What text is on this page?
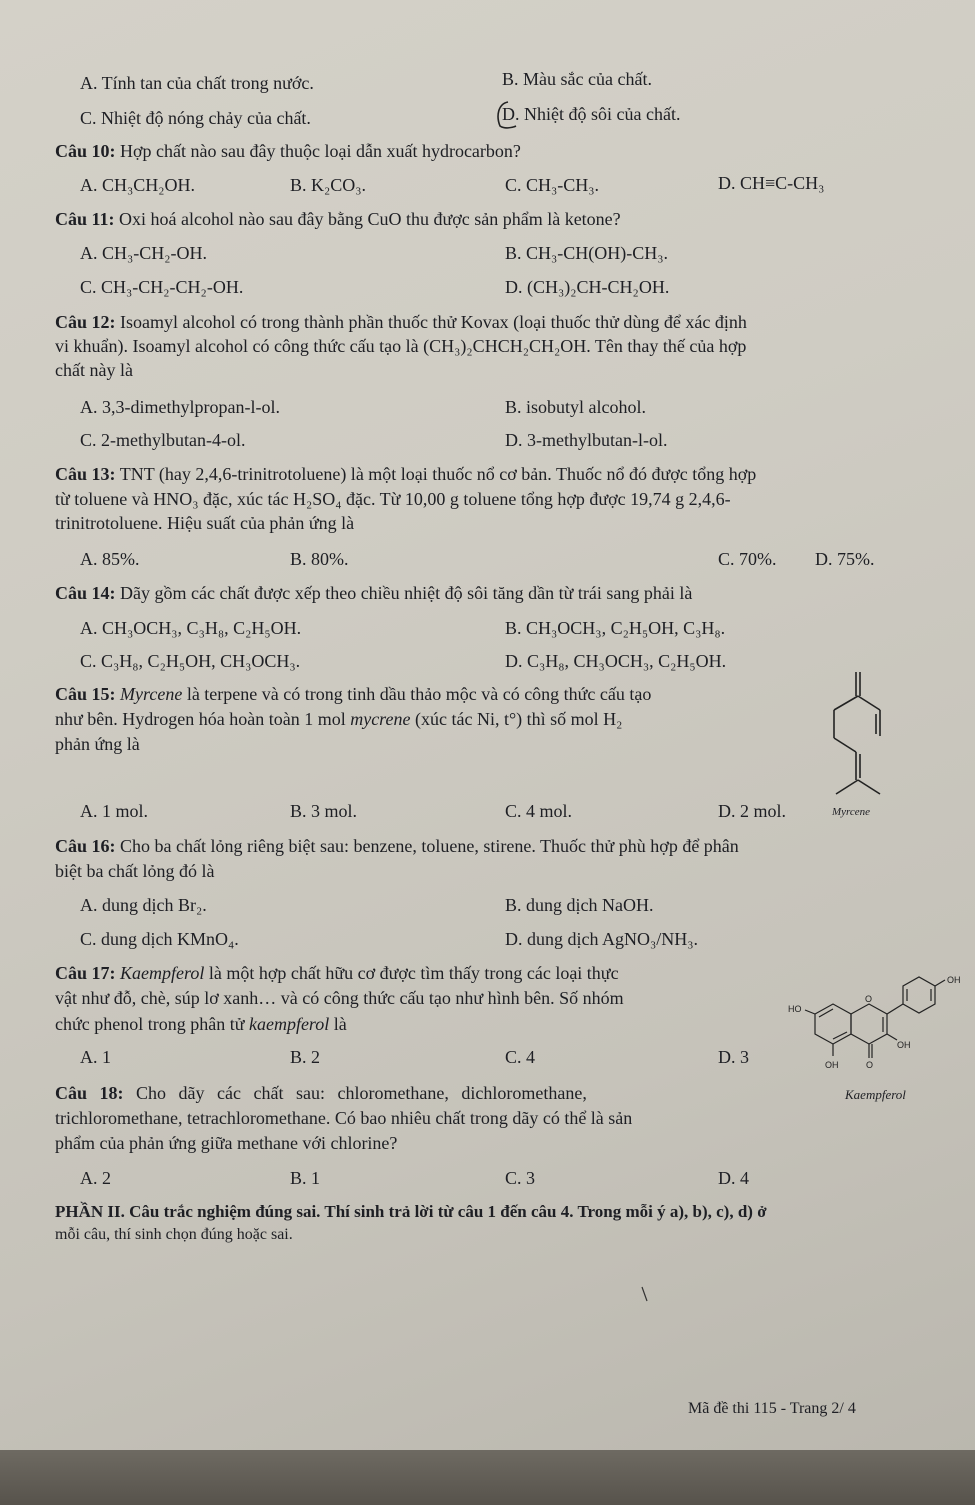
A. Tính tan của chất trong nước.	B. Màu sắc của chất.
C. Nhiệt độ nóng chảy của chất.	D. Nhiệt độ sôi của chất.
Câu 10: Hợp chất nào sau đây thuộc loại dẫn xuất hydrocarbon?
A. CH₃CH₂OH.	B. K₂CO₃.	C. CH₃-CH₃.	D. CH≡C-CH₃
Câu 11: Oxi hoá alcohol nào sau đây bằng CuO thu được sản phẩm là ketone?
A. CH₃-CH₂-OH.	B. CH₃-CH(OH)-CH₃.
C. CH₃-CH₂-CH₂-OH.	D. (CH₃)₂CH-CH₂OH.
Câu 12: Isoamyl alcohol có trong thành phần thuốc thử Kovax (loại thuốc thử dùng để xác định
vi khuẩn). Isoamyl alcohol có công thức cấu tạo là (CH₃)₂CHCH₂CH₂OH. Tên thay thế của hợp
chất này là
A. 3,3-dimethylpropan-l-ol.	B. isobutyl alcohol.
C. 2-methylbutan-4-ol.	D. 3-methylbutan-l-ol.
Câu 13: TNT (hay 2,4,6-trinitrotoluene) là một loại thuốc nổ cơ bản. Thuốc nổ đó được tổng hợp
từ toluene và HNO₃ đặc, xúc tác H₂SO₄ đặc. Từ 10,00 g toluene tổng hợp được 19,74 g 2,4,6-
trinitrotoluene. Hiệu suất của phản ứng là
A. 85%.	B. 80%.	C. 70%. D. 75%.
Câu 14: Dãy gồm các chất được xếp theo chiều nhiệt độ sôi tăng dần từ trái sang phải là
A. CH₃OCH₃, C₃H₈, C₂H₅OH.	B. CH₃OCH₃, C₂H₅OH, C₃H₈.
C. C₃H₈, C₂H₅OH, CH₃OCH₃.	D. C₃H₈, CH₃OCH₃, C₂H₅OH.
Câu 15: Myrcene là terpene và có trong tinh dầu thảo mộc và có công thức cấu tạo
như bên. Hydrogen hóa hoàn toàn 1 mol mycrene (xúc tác Ni, t°) thì số mol H₂
phản ứng là
A. 1 mol.	B. 3 mol.	C. 4 mol.	D. 2 mol.	Myrcene
Câu 16: Cho ba chất lỏng riêng biệt sau: benzene, toluene, stirene. Thuốc thử phù hợp để phân
biệt ba chất lỏng đó là
A. dung dịch Br₂.	B. dung dịch NaOH.
C. dung dịch KMnO₄.	D. dung dịch AgNO₃/NH₃.
Câu 17: Kaempferol là một hợp chất hữu cơ được tìm thấy trong các loại thực
vật như đỗ, chè, súp lơ xanh… và có công thức cấu tạo như hình bên. Số nhóm
chức phenol trong phân tử kaempferol là
A. 1	B. 2	C. 4	D. 3
OH
HO
O
OH
OH	O
Kaempferol
Câu 18: Cho dãy các chất sau: chloromethane, dichloromethane,
trichloromethane, tetrachloromethane. Có bao nhiêu chất trong dãy có thể là sản
phẩm của phản ứng giữa methane với chlorine?
A. 2	B. 1	C. 3	D. 4
PHẦN II. Câu trắc nghiệm đúng sai. Thí sinh trả lời từ câu 1 đến câu 4. Trong mỗi ý a), b), c), d) ở
mỗi câu, thí sinh chọn đúng hoặc sai.
Mã đề thi 115 - Trang 2/ 4
